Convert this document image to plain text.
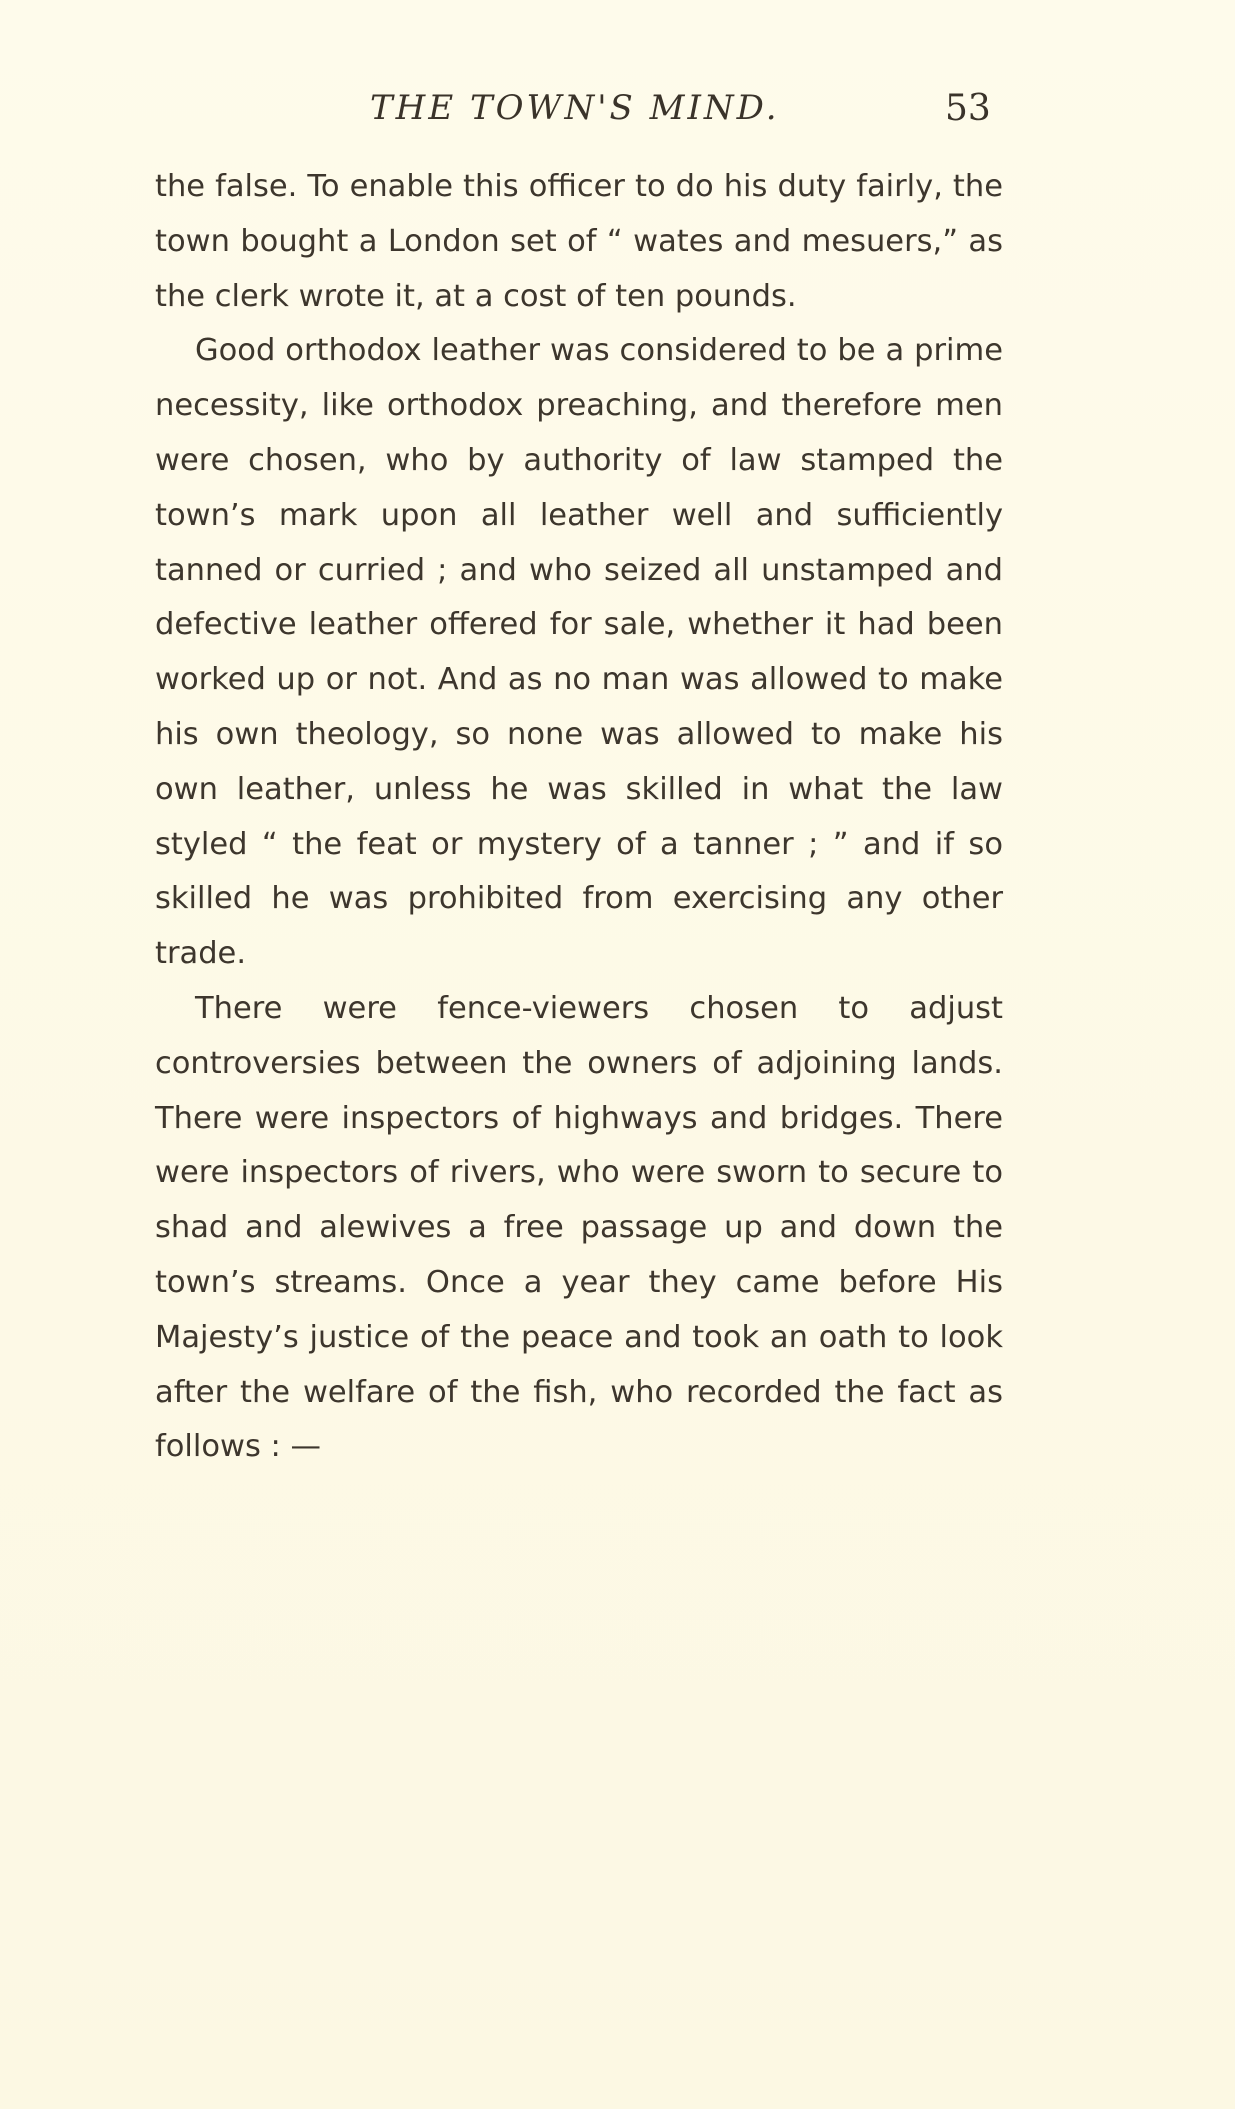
THE TOWN'S MIND.	53

the false. To enable this officer to do his duty fairly, the town bought a London set of “ wates and mesuers,” as the clerk wrote it, at a cost of ten pounds.

Good orthodox leather was considered to be a prime necessity, like orthodox preaching, and therefore men were chosen, who by authority of law stamped the town’s mark upon all leather well and sufficiently tanned or curried ; and who seized all unstamped and defective leather offered for sale, whether it had been worked up or not. And as no man was allowed to make his own theology, so none was allowed to make his own leather, unless he was skilled in what the law styled “ the feat or mystery of a tanner ; ” and if so skilled he was prohibited from exercising any other trade.

There were fence-viewers chosen to adjust controversies between the owners of adjoining lands. There were inspectors of highways and bridges. There were inspectors of rivers, who were sworn to secure to shad and alewives a free passage up and down the town’s streams. Once a year they came before His Majesty’s justice of the peace and took an oath to look after the welfare of the fish, who recorded the fact as follows : —
